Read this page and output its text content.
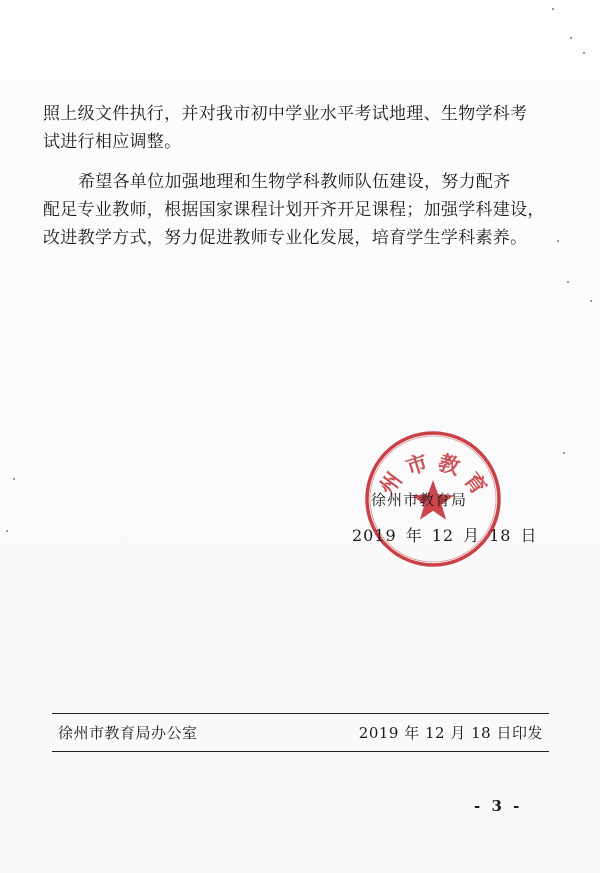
照上级文件执行，并对我市初中学业水平考试地理、生物学科考
试进行相应调整。

希望各单位加强地理和生物学科教师队伍建设，努力配齐
配足专业教师，根据国家课程计划开齐开足课程；加强学科建设，
改进教学方式，努力促进教师专业化发展，培育学生学科素养。

州 市 教 育
徐州市教育局
2019 年 12 月 18 日
徐州市教育局办公室	2019 年 12 月 18 日印发
- 3 -
